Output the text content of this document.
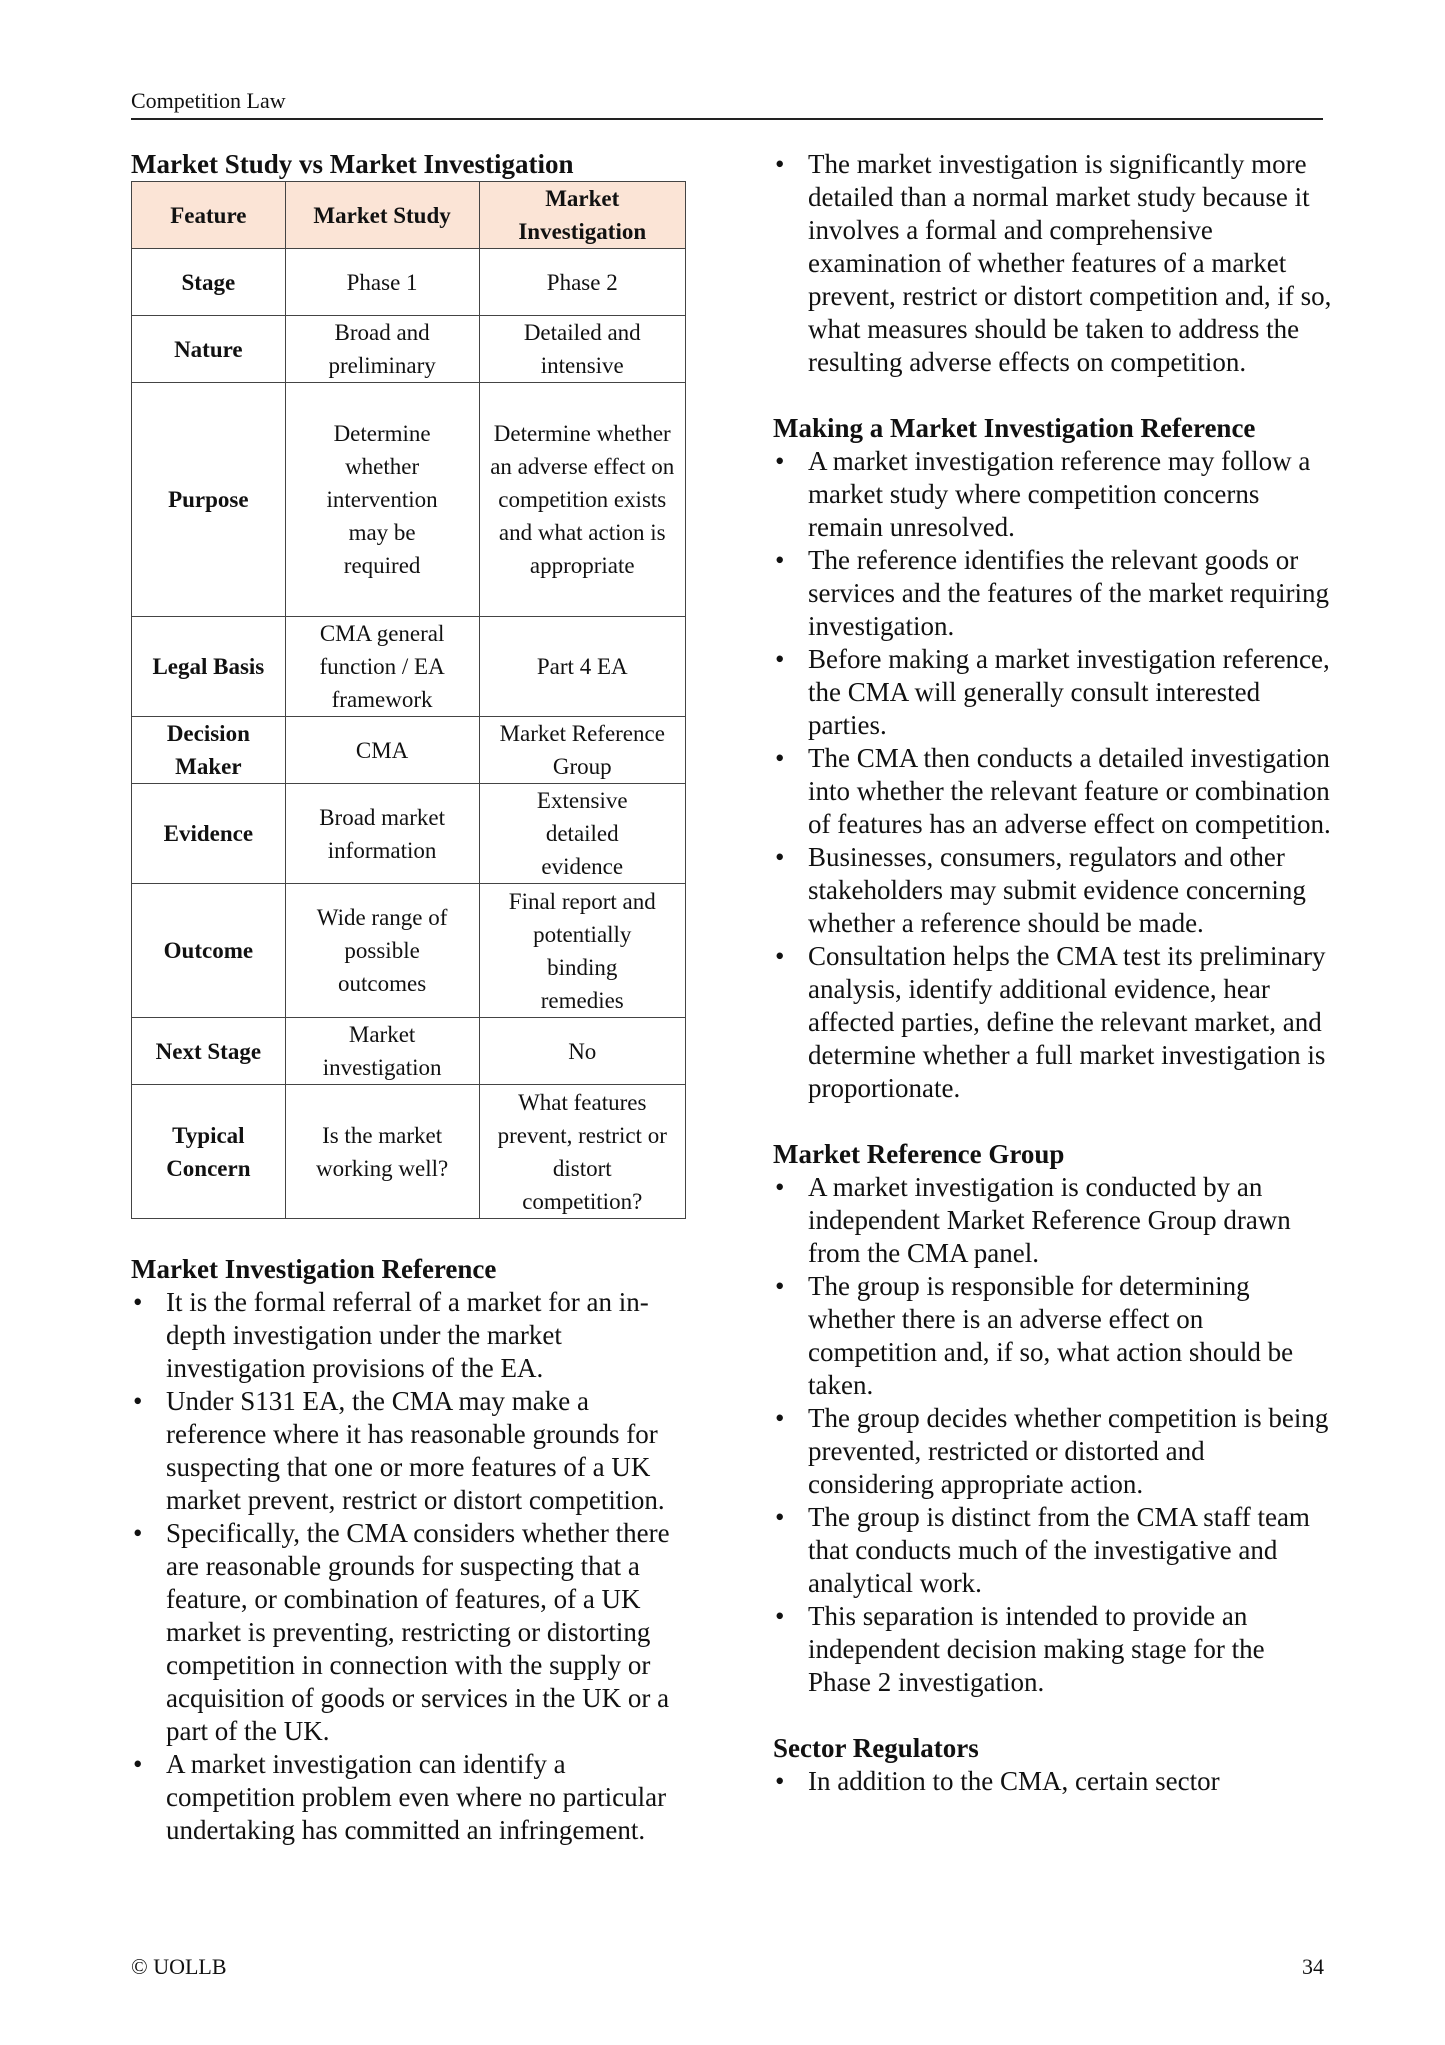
Competition Law
Market Study vs Market Investigation
Feature	Market Study	Market Investigation
Stage	Phase 1	Phase 2
Nature	Broad and preliminary	Detailed and intensive
Purpose	Determine whether intervention may be required	Determine whether an adverse effect on competition exists and what action is appropriate
Legal Basis	CMA general function / EA framework	Part 4 EA
Decision Maker	CMA	Market Reference Group
Evidence	Broad market information	Extensive detailed evidence
Outcome	Wide range of possible outcomes	Final report and potentially binding remedies
Next Stage	Market investigation	No
Typical Concern	Is the market working well?	What features prevent, restrict or distort competition?
Market Investigation Reference
• It is the formal referral of a market for an in-depth investigation under the market investigation provisions of the EA.
• Under S131 EA, the CMA may make a reference where it has reasonable grounds for suspecting that one or more features of a UK market prevent, restrict or distort competition.
• Specifically, the CMA considers whether there are reasonable grounds for suspecting that a feature, or combination of features, of a UK market is preventing, restricting or distorting competition in connection with the supply or acquisition of goods or services in the UK or a part of the UK.
• A market investigation can identify a competition problem even where no particular undertaking has committed an infringement.
• The market investigation is significantly more detailed than a normal market study because it involves a formal and comprehensive examination of whether features of a market prevent, restrict or distort competition and, if so, what measures should be taken to address the resulting adverse effects on competition.
Making a Market Investigation Reference
• A market investigation reference may follow a market study where competition concerns remain unresolved.
• The reference identifies the relevant goods or services and the features of the market requiring investigation.
• Before making a market investigation reference, the CMA will generally consult interested parties.
• The CMA then conducts a detailed investigation into whether the relevant feature or combination of features has an adverse effect on competition.
• Businesses, consumers, regulators and other stakeholders may submit evidence concerning whether a reference should be made.
• Consultation helps the CMA test its preliminary analysis, identify additional evidence, hear affected parties, define the relevant market, and determine whether a full market investigation is proportionate.
Market Reference Group
• A market investigation is conducted by an independent Market Reference Group drawn from the CMA panel.
• The group is responsible for determining whether there is an adverse effect on competition and, if so, what action should be taken.
• The group decides whether competition is being prevented, restricted or distorted and considering appropriate action.
• The group is distinct from the CMA staff team that conducts much of the investigative and analytical work.
• This separation is intended to provide an independent decision making stage for the Phase 2 investigation.
Sector Regulators
• In addition to the CMA, certain sector
© UOLLB	34
